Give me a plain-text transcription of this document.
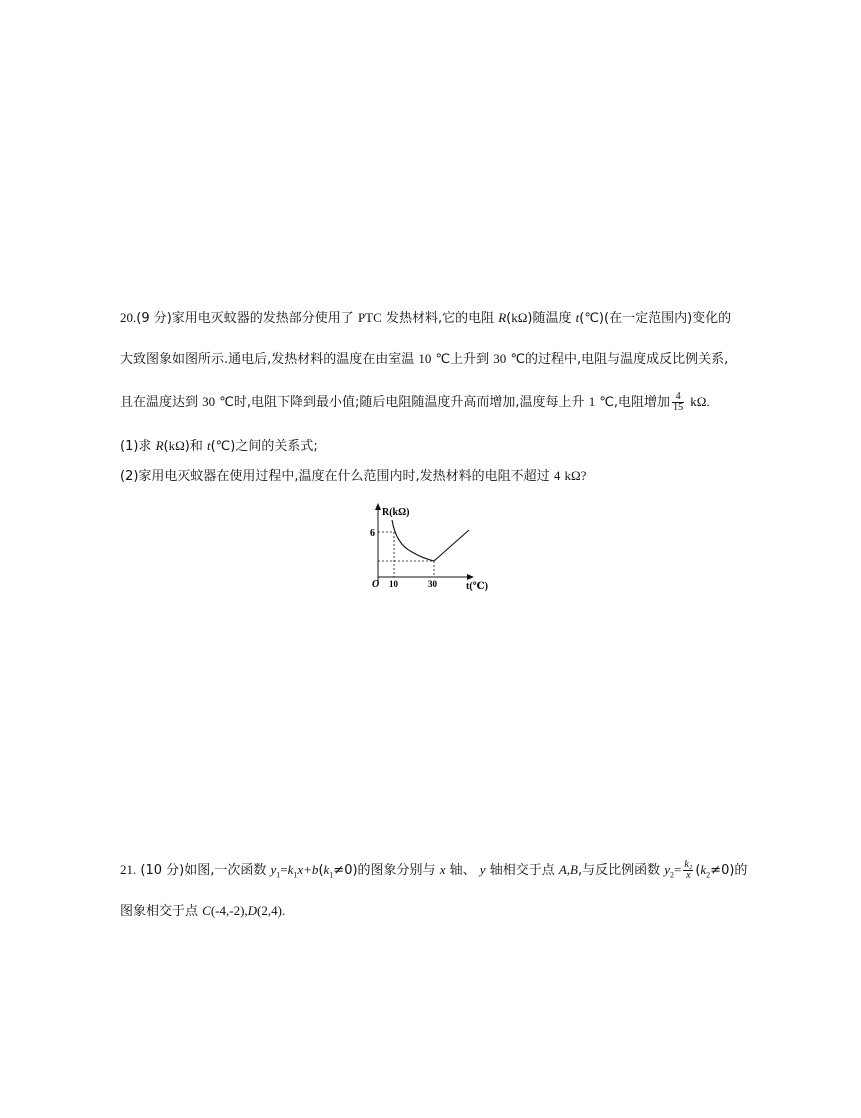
20.(9 分)家用电灭蚊器的发热部分使用了 PTC 发热材料,它的电阻 R(kΩ)随温度 t(℃)(在一定范围内)变化的
大致图象如图所示.通电后,发热材料的温度在由室温 10 ℃上升到 30 ℃的过程中,电阻与温度成反比例关系,
且在温度达到 30 ℃时,电阻下降到最小值;随后电阻随温度升高而增加,温度每上升 1 ℃,电阻增加 $\frac{4}{15} k\Omega$.
(1)求 R(kΩ)和 t(℃)之间的关系式;
(2)家用电灭蚊器在使用过程中,温度在什么范围内时,发热材料的电阻不超过 4 kΩ?
R(kΩ)
t(℃)
O
6
10	30
21. (10 分)如图,一次函数 $y_1=k_1x+b(k_1\ne 0)$的图象分别与 x 轴、 y 轴相交于点 A,B,与反比例函数 $y_2= \frac{\text{k₂}}{x} (k_2\ne 0)$的
图象相交于点 C(-4,-2),D(2,4).
